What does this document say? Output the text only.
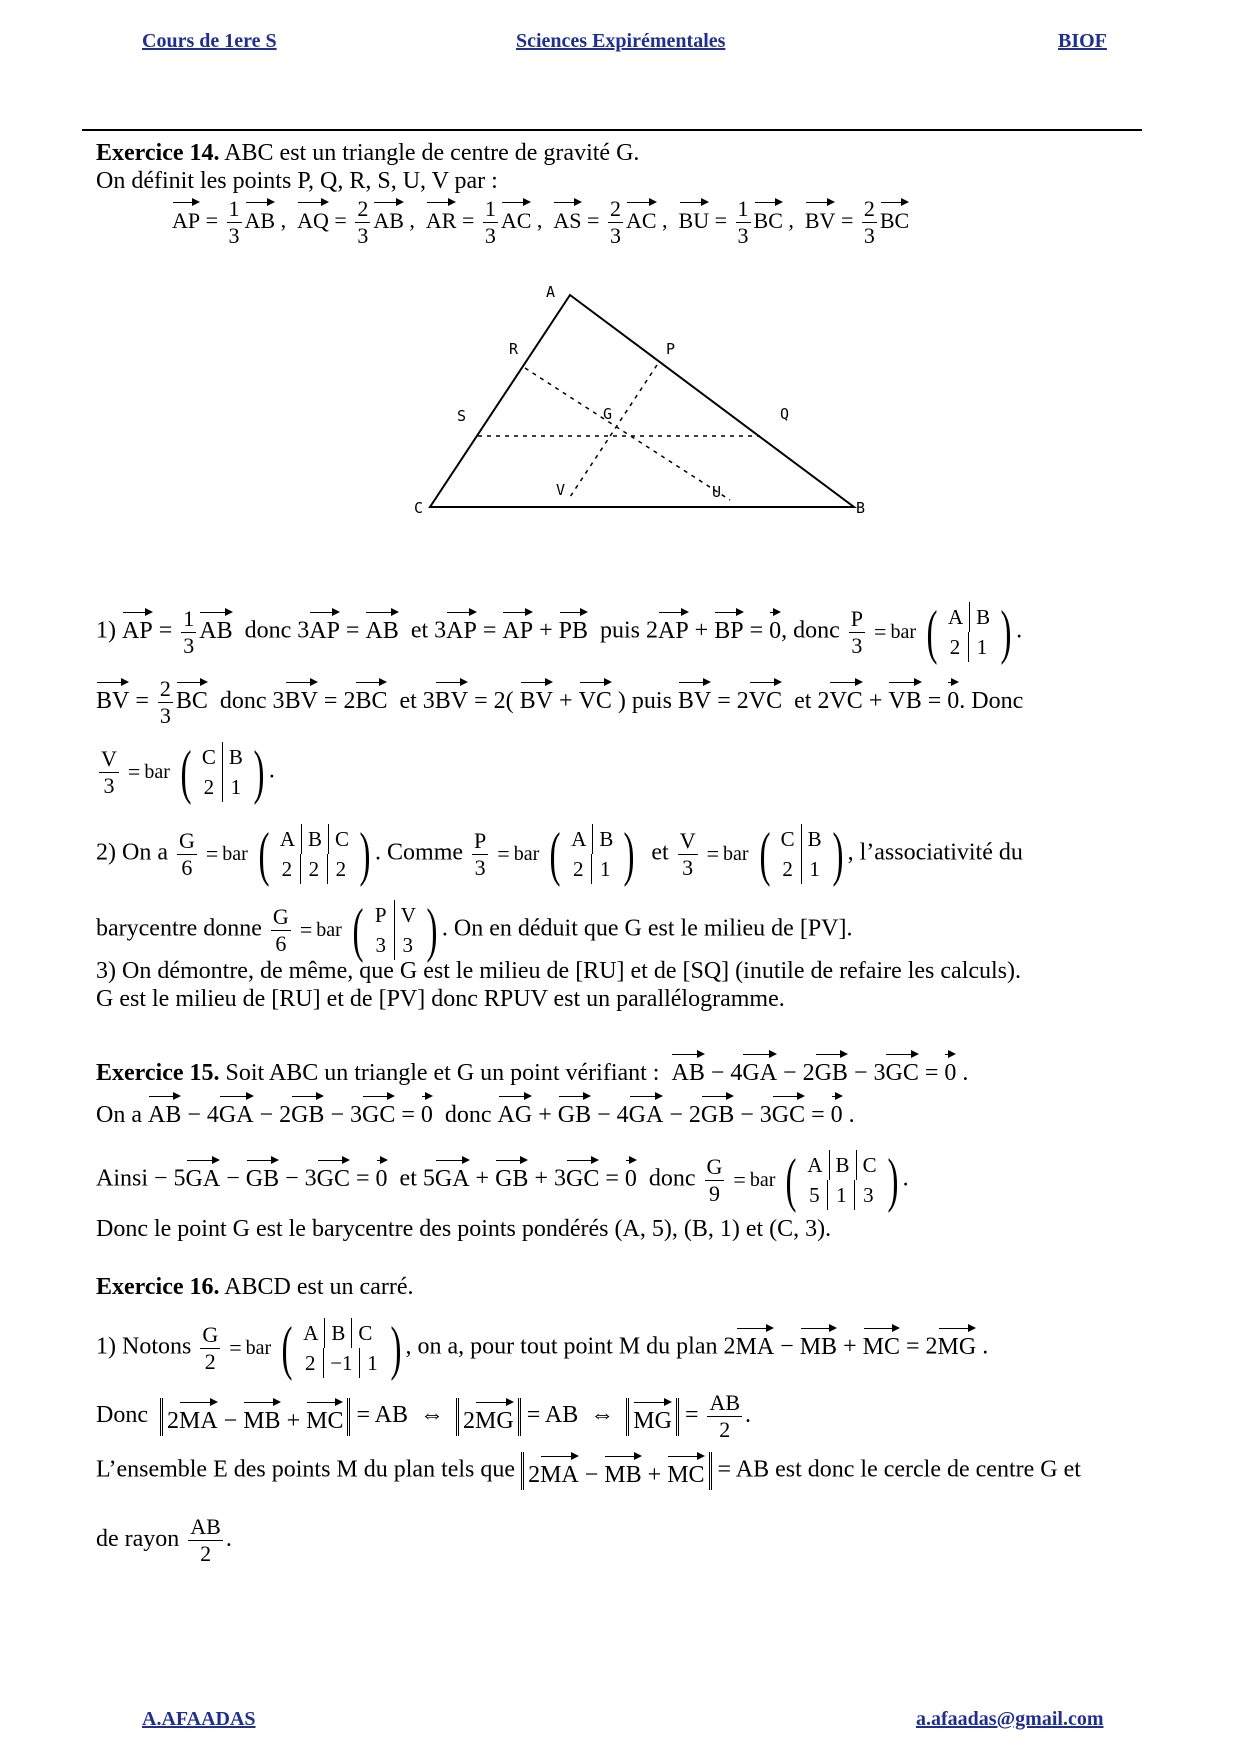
Cours de 1ere S	Sciences Expirémentales	BIOF
Exercice 14. ABC est un triangle de centre de gravité G.
On définit les points P, Q, R, S, U, V par :
AP = $\frac{1}{3}$ AB ,  AQ = $\frac{2}{3}$ AB ,  AR = $\frac{1}{3}$ AC ,  AS = $\frac{2}{3}$ AC ,  BU = $\frac{1}{3}$ BC ,  BV = $\frac{2}{3}$ BC
A
R	P
S	G	Q
V	U
C	B
1) AP = $\frac{1}{3}$ AB  donc 3AP = AB  et 3AP = AP + PB  puis 2AP + BP = 0, donc $\frac{P}{3}$ = bar ( A B
2 1 ) .
BV = $\frac{2}{3}$ BC  donc 3BV = 2BC  et 3BV = 2( BV + VC ) puis BV = 2VC  et 2VC + VB = 0. Donc
$\frac{V}{3}$ = bar ( C B
2 1 ) .
2) On a $\frac{G}{6}$ = bar ( A B C
2 2 2 ) . Comme $\frac{P}{3}$ = bar ( A B
2 1 ) et $\frac{V}{3}$ = bar ( C B
2 1 ) , l’associativité du
barycentre donne $\frac{G}{6}$ = bar ( P V
3 3 ) . On en déduit que G est le milieu de [PV].
3) On démontre, de même, que G est le milieu de [RU] et de [SQ] (inutile de refaire les calculs).
G est le milieu de [RU] et de [PV] donc RPUV est un parallélogramme.
Exercice 15. Soit ABC un triangle et G un point vérifiant : AB − 4GA − 2GB − 3GC = 0 .
On a AB − 4GA − 2GB − 3GC = 0  donc AG + GB − 4GA − 2GB − 3GC = 0 .
Ainsi − 5GA − GB − 3GC = 0  et 5GA + GB + 3GC = 0  donc $\frac{G}{9}$ = bar ( A B C
5 1 3 ) .
Donc le point G est le barycentre des points pondérés (A, 5), (B, 1) et (C, 3).
Exercice 16. ABCD est un carré.
1) Notons $\frac{G}{2}$ = bar ( A B C
2 −1 1 ) , on a, pour tout point M du plan 2MA − MB + MC = 2MG .
Donc  2MA − MB + MC = AB  ⇔  2MG = AB  ⇔  MG = $\frac{AB}{2}$ .
L’ensemble E des points M du plan tels que 2MA − MB + MC = AB est donc le cercle de centre G et
de rayon $\frac{AB}{2}$ .
A.AFAADAS	a.afaadas@gmail.com
